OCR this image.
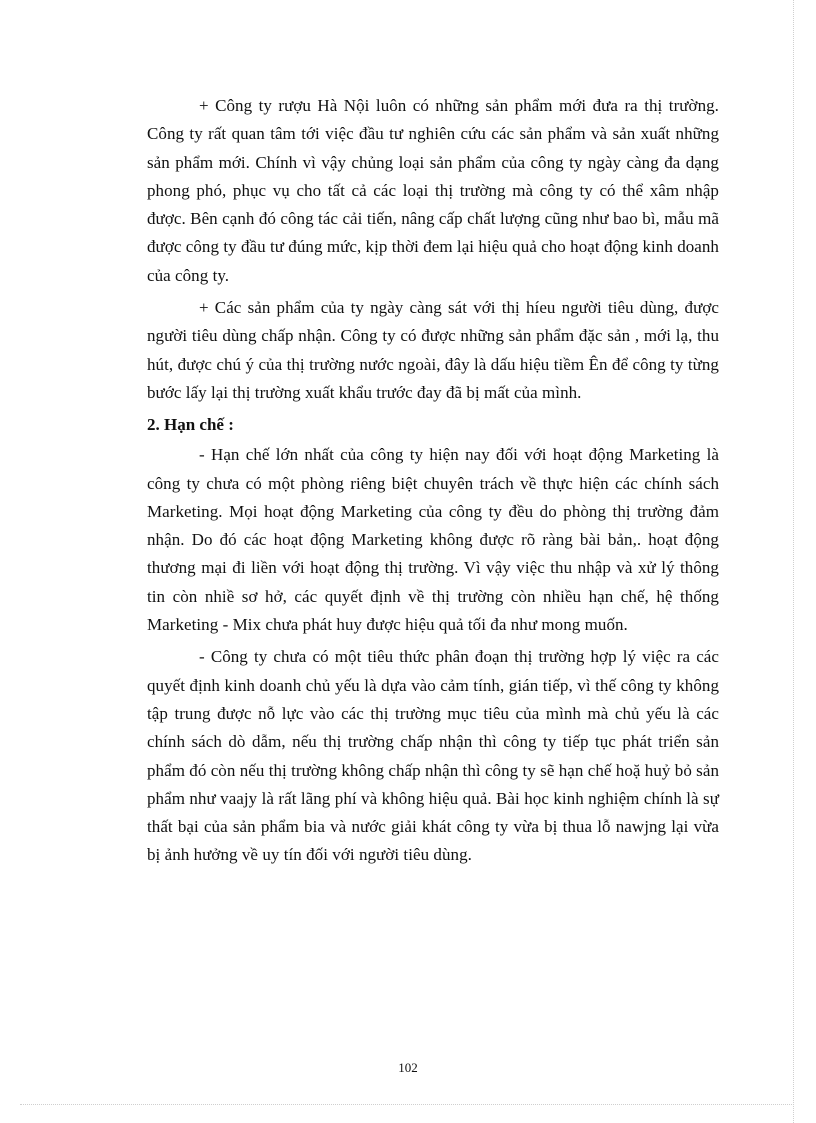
+ Công ty rượu Hà Nội luôn có những sản phẩm mới đưa ra thị trường. Công ty rất quan tâm tới việc đầu tư nghiên cứu các sản phẩm và sản xuất những sản phẩm mới. Chính vì vậy chủng loại sản phẩm của công ty ngày càng đa dạng phong phó, phục vụ cho tất cả các loại thị trường mà công ty có thể xâm nhập được. Bên cạnh đó công tác cải tiến, nâng cấp chất lượng cũng như bao bì, mẫu mã được công ty đầu tư đúng mức, kịp thời đem lại hiệu quả cho hoạt động kinh doanh của công ty.

+ Các sản phẩm của ty ngày càng sát với thị híeu người tiêu dùng, được người tiêu dùng chấp nhận. Công ty có được những sản phẩm đặc sản , mới lạ, thu hút, được chú ý của thị trường nước ngoài, đây là dấu hiệu tiềm Ên để công ty từng bước lấy lại thị trường xuất khẩu trước đay đã bị mất của mình.

2. Hạn chế :

- Hạn chế lớn nhất của công ty hiện nay đối với hoạt động Marketing là công ty chưa có một phòng riêng biệt chuyên trách về thực hiện các chính sách Marketing. Mọi hoạt động Marketing của công ty đều do phòng thị trường đảm nhận. Do đó các hoạt động Marketing không được rõ ràng bài bản,. hoạt động thương mại đi liền với hoạt động thị trường. Vì vậy việc thu nhập và xử lý thông tin còn nhiề sơ hở, các quyết định về thị trường còn nhiều hạn chế, hệ thống Marketing - Mix chưa phát huy được hiệu quả tối đa như mong muốn.

- Công ty chưa có một tiêu thức phân đoạn thị trường hợp lý việc ra các quyết định kinh doanh chủ yếu là dựa vào cảm tính, gián tiếp, vì thế công ty không tập trung được nỗ lực vào các thị trường mục tiêu của mình mà chủ yếu là các chính sách dò dẫm, nếu thị trường chấp nhận thì công ty tiếp tục phát triển sản phẩm đó còn nếu thị trường không chấp nhận thì công ty sẽ hạn chế hoặ huỷ bỏ sản phẩm như vaajy là rất lãng phí và không hiệu quả. Bài học kinh nghiệm chính là sự thất bại của sản phẩm bia và nước giải khát công ty vừa bị thua lỗ nawjng lại vừa bị ảnh hưởng về uy tín đối với người tiêu dùng.

102
